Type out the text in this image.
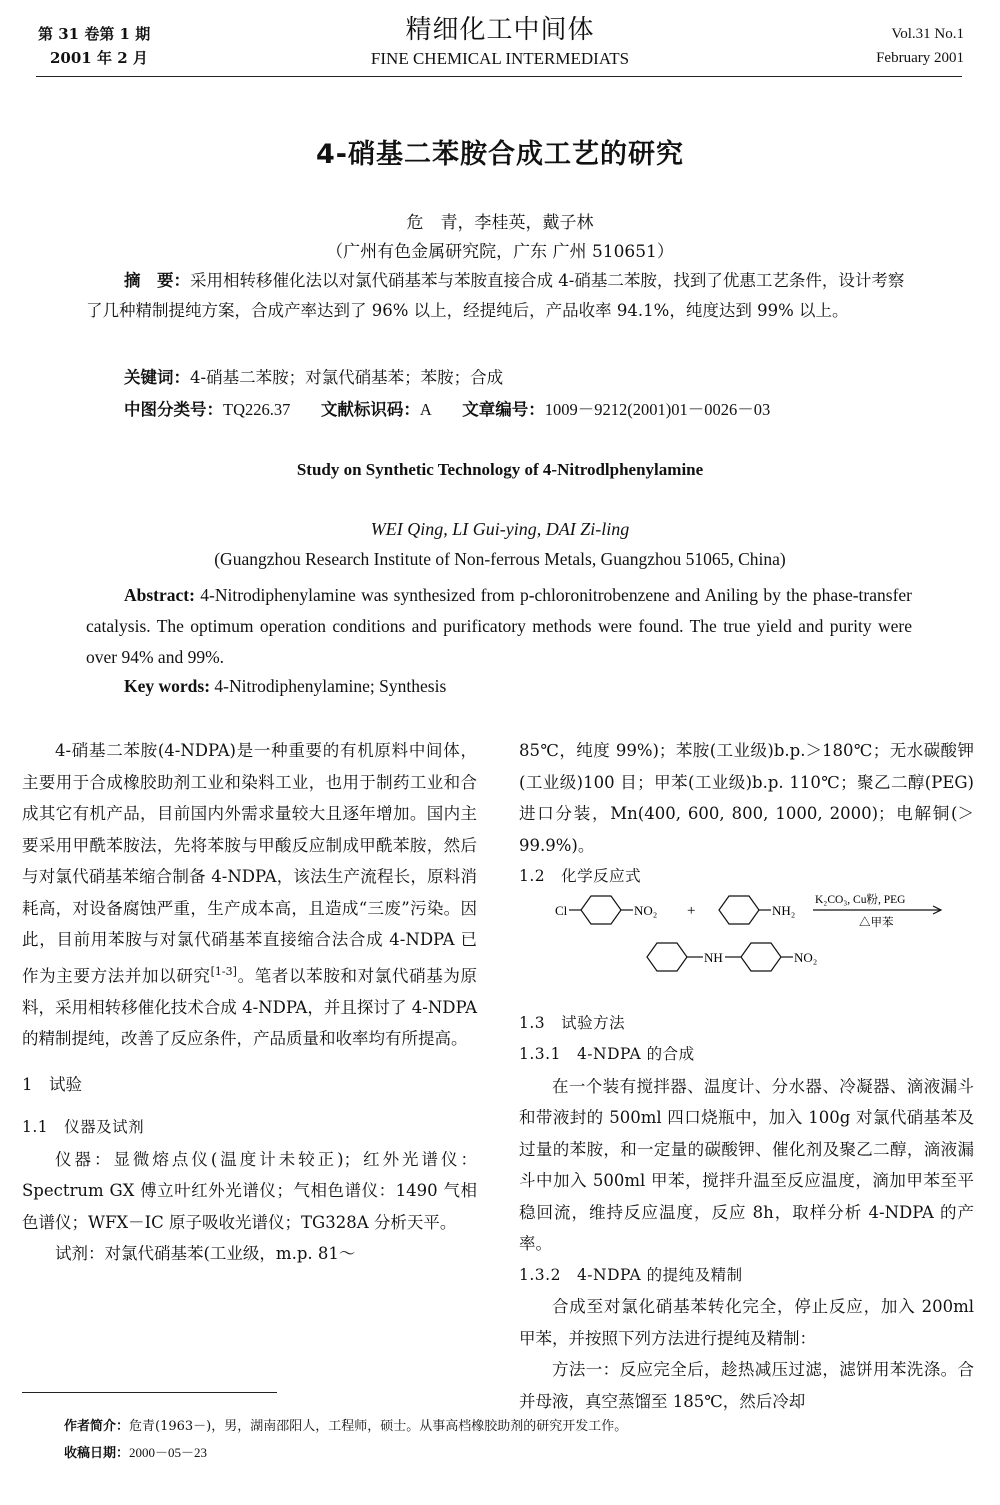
第 31 卷第 1 期
2001 年 2 月
精细化工中间体
FINE CHEMICAL INTERMEDIATS
Vol.31 No.1
February 2001
4-硝基二苯胺合成工艺的研究
危　青，李桂英，戴子林
（广州有色金属研究院，广东 广州 510651）
摘　要：采用相转移催化法以对氯代硝基苯与苯胺直接合成 4-硝基二苯胺，找到了优惠工艺条件，设计考察了几种精制提纯方案，合成产率达到了 96% 以上，经提纯后，产品收率 94.1%，纯度达到 99% 以上。
关键词：4-硝基二苯胺；对氯代硝基苯；苯胺；合成
中图分类号：TQ226.37 文献标识码：A 文章编号：1009－9212(2001)01－0026－03
Study on Synthetic Technology of 4-Nitrodlphenylamine
WEI Qing, LI Gui-ying, DAI Zi-ling
(Guangzhou Research Institute of Non-ferrous Metals, Guangzhou 51065, China)
Abstract: 4-Nitrodiphenylamine was synthesized from p-chloronitrobenzene and Aniling by the phase-transfer catalysis. The optimum operation conditions and purificatory methods were found. The true yield and purity were over 94% and 99%.
Key words: 4-Nitrodiphenylamine; Synthesis

4-硝基二苯胺(4-NDPA)是一种重要的有机原料中间体，主要用于合成橡胶助剂工业和染料工业，也用于制药工业和合成其它有机产品，目前国内外需求量较大且逐年增加。国内主要采用甲酰苯胺法，先将苯胺与甲酸反应制成甲酰苯胺，然后与对氯代硝基苯缩合制备 4-NDPA，该法生产流程长，原料消耗高，对设备腐蚀严重，生产成本高，且造成“三废”污染。因此，目前用苯胺与对氯代硝基苯直接缩合法合成 4-NDPA 已作为主要方法并加以研究[1-3]。笔者以苯胺和对氯代硝基为原料，采用相转移催化技术合成 4-NDPA，并且探讨了 4-NDPA 的精制提纯，改善了反应条件，产品质量和收率均有所提高。

1　试验

1.1　仪器及试剂

仪器：显微熔点仪(温度计未较正)；红外光谱仪：Spectrum GX 傅立叶红外光谱仪；气相色谱仪：1490 气相色谱仪；WFX－IC 原子吸收光谱仪；TG328A 分析天平。

试剂：对氯代硝基苯(工业级，m.p. 81～

85℃，纯度 99%)；苯胺(工业级)b.p.＞180℃；无水碳酸钾(工业级)100 目；甲苯(工业级)b.p. 110℃；聚乙二醇(PEG)进口分装，Mn(400, 600, 800, 1000, 2000)；电解铜(＞99.9%)。

1.2　化学反应式

1.3　试验方法

1.3.1　4-NDPA 的合成

在一个装有搅拌器、温度计、分水器、冷凝器、滴液漏斗和带液封的 500ml 四口烧瓶中，加入 100g 对氯代硝基苯及过量的苯胺，和一定量的碳酸钾、催化剂及聚乙二醇，滴液漏斗中加入 500ml 甲苯，搅拌升温至反应温度，滴加甲苯至平稳回流，维持反应温度，反应 8h，取样分析 4-NDPA 的产率。

1.3.2　4-NDPA 的提纯及精制

合成至对氯化硝基苯转化完全，停止反应，加入 200ml 甲苯，并按照下列方法进行提纯及精制：

方法一：反应完全后，趁热减压过滤，滤饼用苯洗涤。合并母液，真空蒸馏至 185℃，然后冷却

Cl	NO₂ +	NH₂
K₂CO₃, Cu粉, PEG
△甲苯
NH	NO₂
作者简介：危青(1963－)，男，湖南邵阳人，工程师，硕士。从事高档橡胶助剂的研究开发工作。
收稿日期：2000－05－23
